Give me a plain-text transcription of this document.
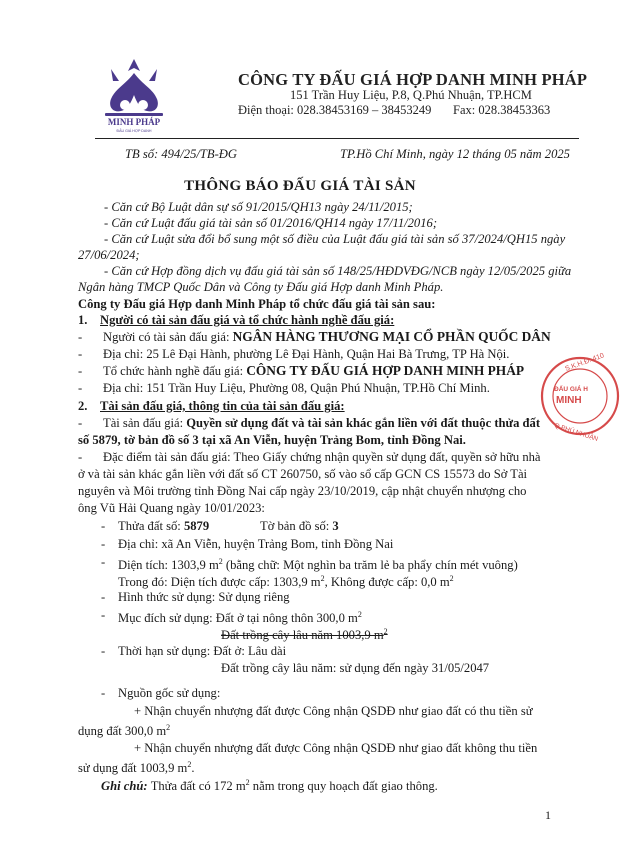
MINH PHÁP
ĐẤU GIÁ HỢP DANH
CÔNG TY ĐẤU GIÁ HỢP DANH MINH PHÁP
151 Trần Huy Liệu, P.8, Q.Phú Nhuận, TP.HCM
Điện thoại: 028.38453169 – 38453249 Fax: 028.38453363
TB số: 494/25/TB-ĐG	TP.Hồ Chí Minh, ngày 12 tháng 05 năm 2025
THÔNG BÁO ĐẤU GIÁ TÀI SẢN
- Căn cứ Bộ Luật dân sự số 91/2015/QH13 ngày 24/11/2015;
- Căn cứ Luật đấu giá tài sản số 01/2016/QH14 ngày 17/11/2016;
- Căn cứ Luật sửa đổi bổ sung một số điều của Luật đấu giá tài sản số 37/2024/QH15 ngày
27/06/2024;
- Căn cứ Hợp đồng dịch vụ đấu giá tài sản số 148/25/HĐDVĐG/NCB ngày 12/05/2025 giữa
Ngân hàng TMCP Quốc Dân và Công ty Đấu giá Hợp danh Minh Pháp.
Công ty Đấu giá Hợp danh Minh Pháp tổ chức đấu giá tài sản sau:
1. Người có tài sản đấu giá và tổ chức hành nghề đấu giá:
- Người có tài sản đấu giá: NGÂN HÀNG THƯƠNG MẠI CỔ PHẦN QUỐC DÂN
- Địa chỉ: 25 Lê Đại Hành, phường Lê Đại Hành, Quận Hai Bà Trưng, TP Hà Nội.
- Tổ chức hành nghề đấu giá: CÔNG TY ĐẤU GIÁ HỢP DANH MINH PHÁP
- Địa chỉ: 151 Trần Huy Liệu, Phường 08, Quận Phú Nhuận, TP.Hồ Chí Minh.
2. Tài sản đấu giá, thông tin của tài sản đấu giá:
- Tài sản đấu giá: Quyền sử dụng đất và tài sản khác gắn liền với đất thuộc thửa đất
số 5879, tờ bản đồ số 3 tại xã An Viễn, huyện Trảng Bom, tỉnh Đồng Nai.
- Đặc điểm tài sản đấu giá: Theo Giấy chứng nhận quyền sử dụng đất, quyền sở hữu nhà
ở và tài sản khác gắn liền với đất số CT 260750, số vào sổ cấp GCN CS 15573 do Sở Tài
nguyên và Môi trường tỉnh Đồng Nai cấp ngày 23/10/2019, cập nhật chuyển nhượng cho
ông Vũ Hải Quang ngày 10/01/2023:
- Thửa đất số: 5879	Tờ bản đồ số: 3
- Địa chỉ: xã An Viễn, huyện Trảng Bom, tỉnh Đồng Nai
- Diện tích: 1303,9 $m^2$ (bằng chữ: Một nghìn ba trăm lẻ ba phẩy chín mét vuông)
Trong đó: Diện tích được cấp: 1303,9 $m^2$, Không được cấp: 0,0 $m^2$
- Hình thức sử dụng: Sử dụng riêng
- Mục đích sử dụng: Đất ở tại nông thôn 300,0 $m^2$
Đất trồng cây lâu năm 1003,9 $m^2$
- Thời hạn sử dụng: Đất ở: Lâu dài
Đất trồng cây lâu năm: sử dụng đến ngày 31/05/2047
- Nguồn gốc sử dụng:
+ Nhận chuyển nhượng đất được Công nhận QSDĐ như giao đất có thu tiền sử
dụng đất 300,0 $m^2$
+ Nhận chuyển nhượng đất được Công nhận QSDĐ như giao đất không thu tiền
sử dụng đất 1003,9 $m^2$.
Ghi chú: Thửa đất có 172 $m^2$ nằm trong quy hoạch đất giao thông.
S.K.H.Đ: 410
ĐẤU GIÁ H
MINH
Q.PHÚ NHUẬN
1
